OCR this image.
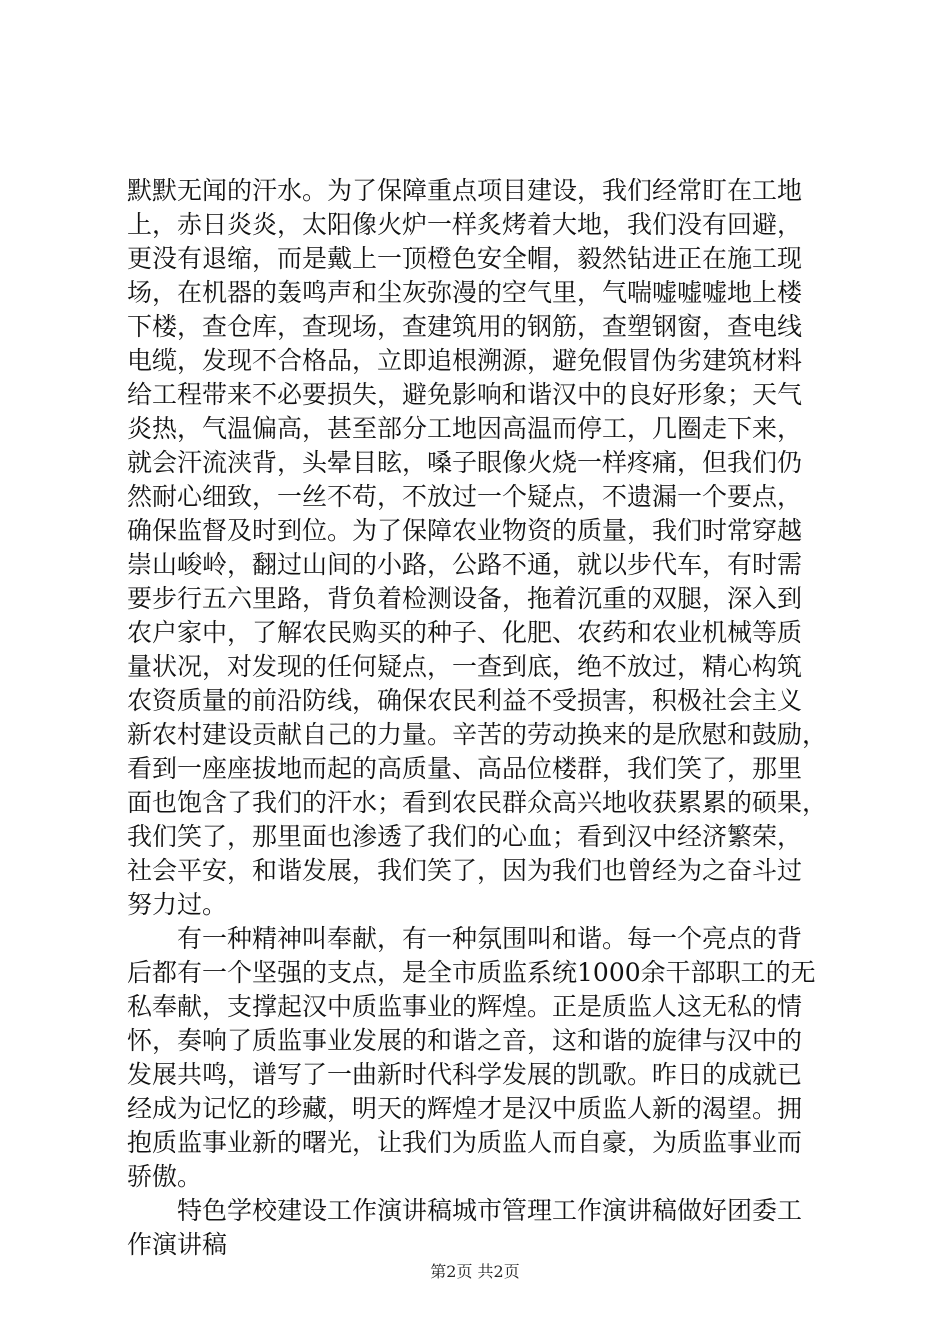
默默无闻的汗水。为了保障重点项目建设，我们经常盯在工地
上，赤日炎炎，太阳像火炉一样炙烤着大地，我们没有回避，
更没有退缩，而是戴上一顶橙色安全帽，毅然钻进正在施工现
场，在机器的轰鸣声和尘灰弥漫的空气里，气喘嘘嘘嘘地上楼
下楼，查仓库，查现场，查建筑用的钢筋，查塑钢窗，查电线
电缆，发现不合格品，立即追根溯源，避免假冒伪劣建筑材料
给工程带来不必要损失，避免影响和谐汉中的良好形象；天气
炎热，气温偏高，甚至部分工地因高温而停工，几圈走下来，
就会汗流浃背，头晕目眩，嗓子眼像火烧一样疼痛，但我们仍
然耐心细致，一丝不苟，不放过一个疑点，不遗漏一个要点，
确保监督及时到位。为了保障农业物资的质量，我们时常穿越
崇山峻岭，翻过山间的小路，公路不通，就以步代车，有时需
要步行五六里路，背负着检测设备，拖着沉重的双腿，深入到
农户家中，了解农民购买的种子、化肥、农药和农业机械等质
量状况，对发现的任何疑点，一查到底，绝不放过，精心构筑
农资质量的前沿防线，确保农民利益不受损害，积极社会主义
新农村建设贡献自己的力量。辛苦的劳动换来的是欣慰和鼓励，
看到一座座拔地而起的高质量、高品位楼群，我们笑了，那里
面也饱含了我们的汗水；看到农民群众高兴地收获累累的硕果，
我们笑了，那里面也渗透了我们的心血；看到汉中经济繁荣，
社会平安，和谐发展，我们笑了，因为我们也曾经为之奋斗过
努力过。
　　有一种精神叫奉献，有一种氛围叫和谐。每一个亮点的背
后都有一个坚强的支点，是全市质监系统1000余干部职工的无
私奉献，支撑起汉中质监事业的辉煌。正是质监人这无私的情
怀，奏响了质监事业发展的和谐之音，这和谐的旋律与汉中的
发展共鸣，谱写了一曲新时代科学发展的凯歌。昨日的成就已
经成为记忆的珍藏，明天的辉煌才是汉中质监人新的渴望。拥
抱质监事业新的曙光，让我们为质监人而自豪，为质监事业而
骄傲。
　　特色学校建设工作演讲稿城市管理工作演讲稿做好团委工
作演讲稿
第2页 共2页
